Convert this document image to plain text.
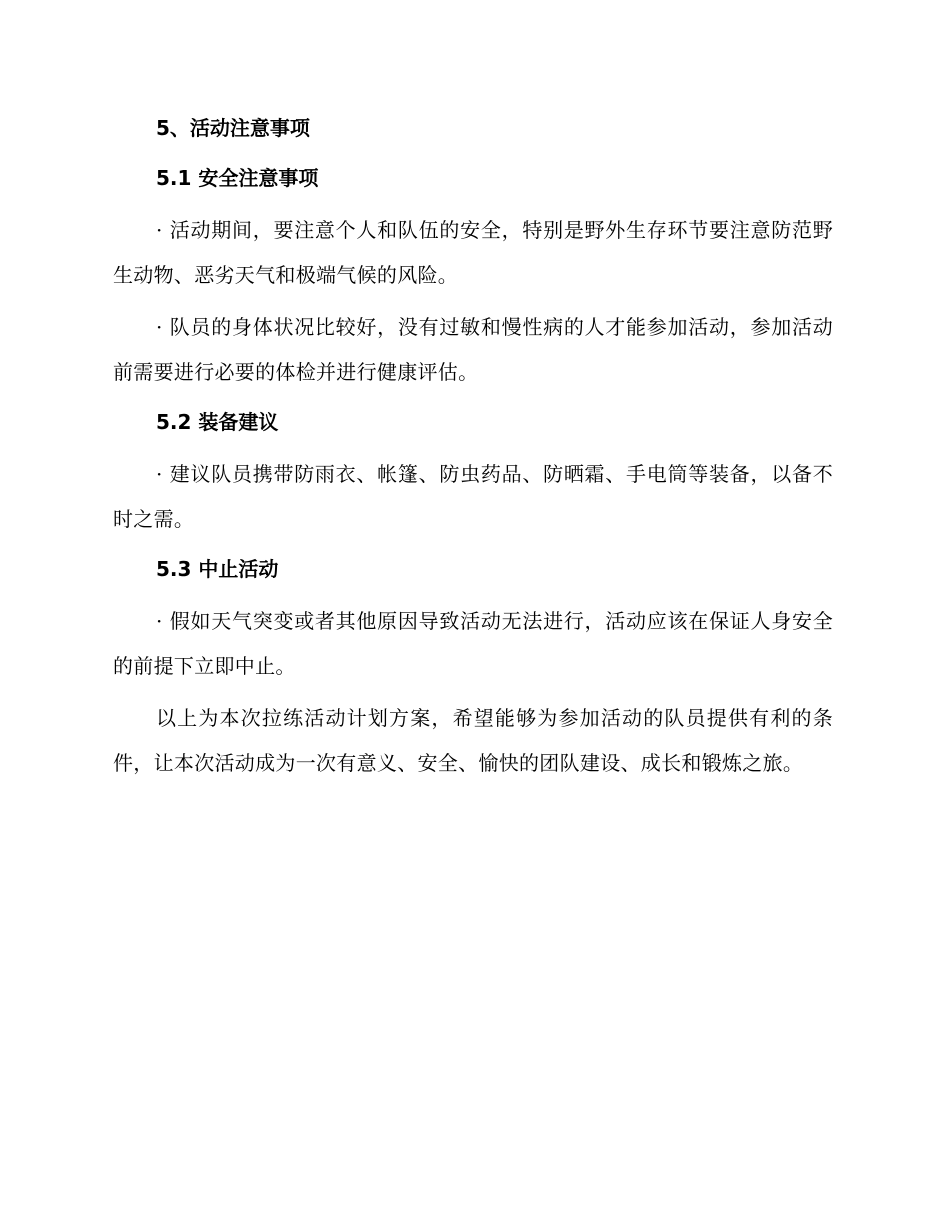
5、活动注意事项
5.1 安全注意事项

· 活动期间，要注意个人和队伍的安全，特别是野外生存环节要注意防范野生动物、恶劣天气和极端气候的风险。

· 队员的身体状况比较好，没有过敏和慢性病的人才能参加活动，参加活动前需要进行必要的体检并进行健康评估。

5.2 装备建议

· 建议队员携带防雨衣、帐篷、防虫药品、防晒霜、手电筒等装备，以备不时之需。

5.3 中止活动

· 假如天气突变或者其他原因导致活动无法进行，活动应该在保证人身安全的前提下立即中止。

以上为本次拉练活动计划方案，希望能够为参加活动的队员提供有利的条件，让本次活动成为一次有意义、安全、愉快的团队建设、成长和锻炼之旅。
